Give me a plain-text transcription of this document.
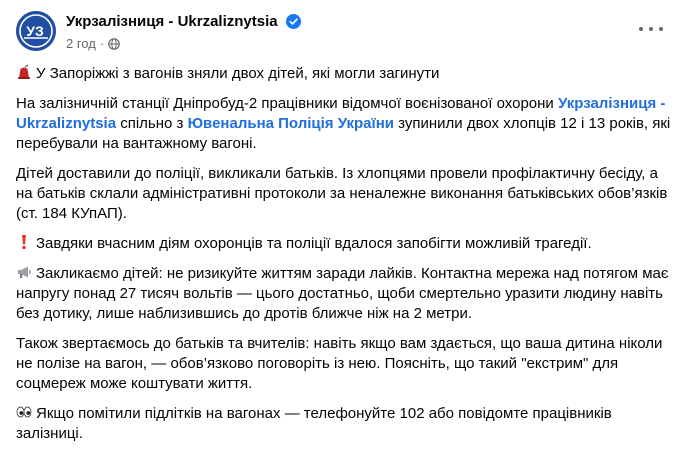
УЗ
Укрзалізниця - Ukrzaliznytsia
2 год ·

У Запоріжжі з вагонів зняли двох дітей, які могли загинути

На залізничній станції Дніпробуд-2 працівники відомчої воєнізованої охорони Укрзалізниця - Ukrzaliznytsia спільно з Ювенальна Поліція України зупинили двох хлопців 12 і 13 років, які перебували на вантажному вагоні.

Дітей доставили до поліції, викликали батьків. Із хлопцями провели профілактичну бесіду, а на батьків склали адміністративні протоколи за неналежне виконання батьківських обов’язків (ст. 184 КУпАП).

Завдяки вчасним діям охоронців та поліції вдалося запобігти можливій трагедії.

Закликаємо дітей: не ризикуйте життям заради лайків. Контактна мережа над потягом має напругу понад 27 тисяч вольтів — цього достатньо, щоби смертельно уразити людину навіть без дотику, лише наблизившись до дротів ближче ніж на 2 метри.

Також звертаємось до батьків та вчителів: навіть якщо вам здається, що ваша дитина ніколи не полізе на вагон, — обов’язково поговоріть із нею. Поясніть, що такий "екстрим" для соцмереж може коштувати життя.

Якщо помітили підлітків на вагонах — телефонуйте 102 або повідомте працівників залізниці.
